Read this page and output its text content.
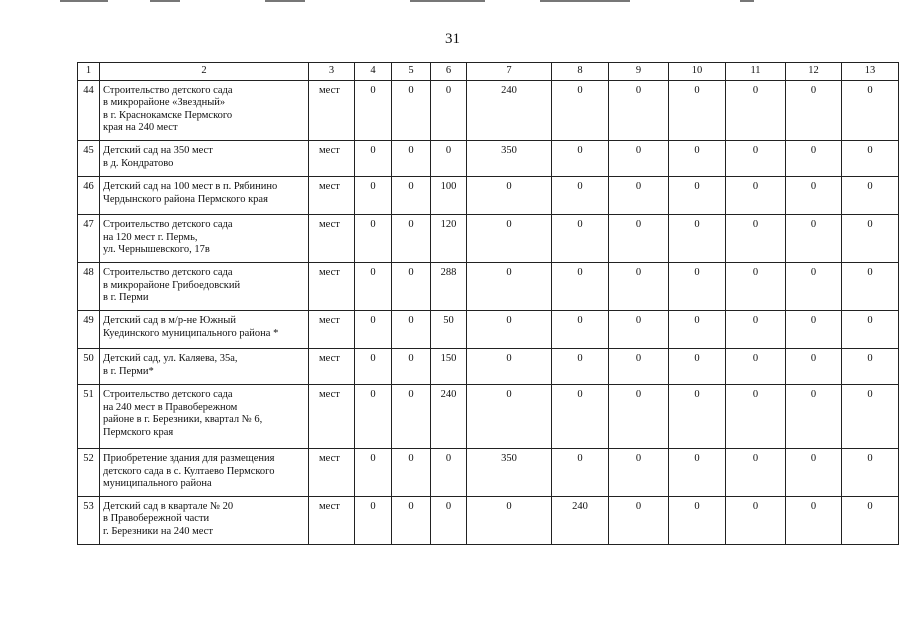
31
1	2	3	4	5	6	7	8	9	10	11	12	13
44	Строительство детского сада
в микрорайоне «Звездный»
в г. Краснокамске Пермского
края на 240 мест	мест	0	0	0	240	0	0	0	0	0	0
45	Детский сад на 350 мест
в д. Кондратово	мест	0	0	0	350	0	0	0	0	0	0
46	Детский сад на 100 мест в п. Рябинино
Чердынского района Пермского края	мест	0	0	100	0	0	0	0	0	0	0
47	Строительство детского сада
на 120 мест г. Пермь,
ул. Чернышевского, 17в	мест	0	0	120	0	0	0	0	0	0	0
48	Строительство детского сада
в микрорайоне Грибоедовский
в г. Перми	мест	0	0	288	0	0	0	0	0	0	0
49	Детский сад в м/р-не Южный
Куединского муниципального района *	мест	0	0	50	0	0	0	0	0	0	0
50	Детский сад, ул. Каляева, 35а,
в г. Перми*	мест	0	0	150	0	0	0	0	0	0	0
51	Строительство детского сада
на 240 мест в Правобережном
районе в г. Березники, квартал № 6,
Пермского края	мест	0	0	240	0	0	0	0	0	0	0
52	Приобретение здания для размещения
детского сада в с. Култаево Пермского
муниципального района	мест	0	0	0	350	0	0	0	0	0	0
53	Детский сад в квартале № 20
в Правобережной части
г. Березники на 240 мест	мест	0	0	0	0	240	0	0	0	0	0
